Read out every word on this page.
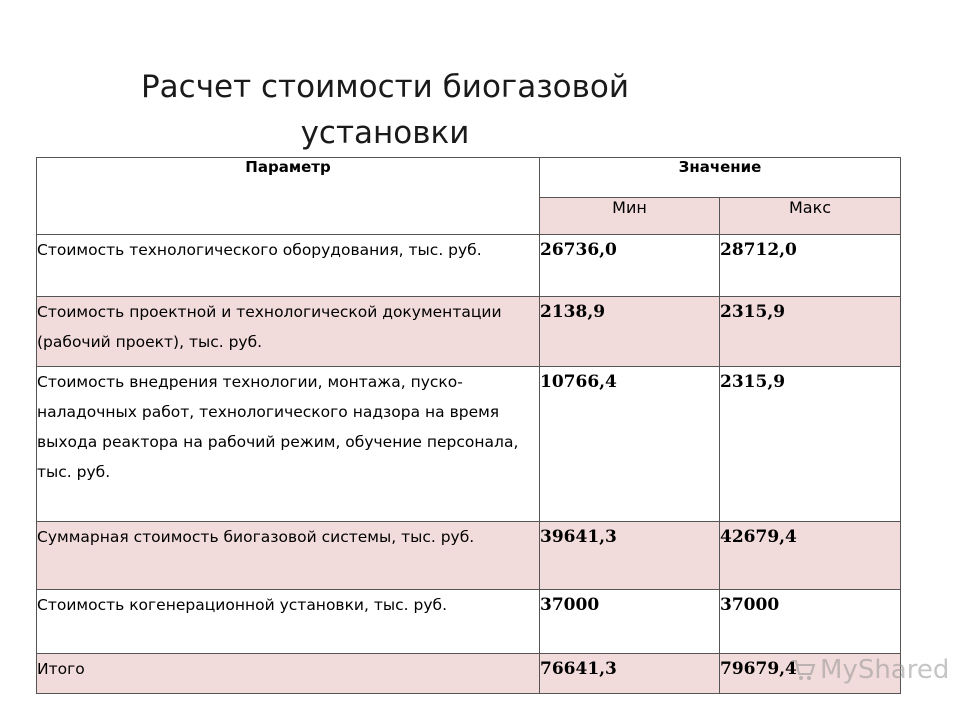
Расчет стоимости биогазовой
установки
Параметр	Значение	
	Мин	Макс
Стоимость технологического оборудования, тыс. руб.	26736,0	28712,0
Стоимость проектной и технологической документации (рабочий проект), тыс. руб.	2138,9	2315,9
Стоимость внедрения технологии, монтажа, пуско-наладочных работ, технологического надзора на время выхода реактора на рабочий режим, обучение персонала, тыс. руб.	10766,4	2315,9
Суммарная стоимость биогазовой системы, тыс. руб.	39641,3	42679,4
Стоимость когенерационной установки, тыс. руб.	37000	37000
Итого	76641,3	79679,4 MyShared
